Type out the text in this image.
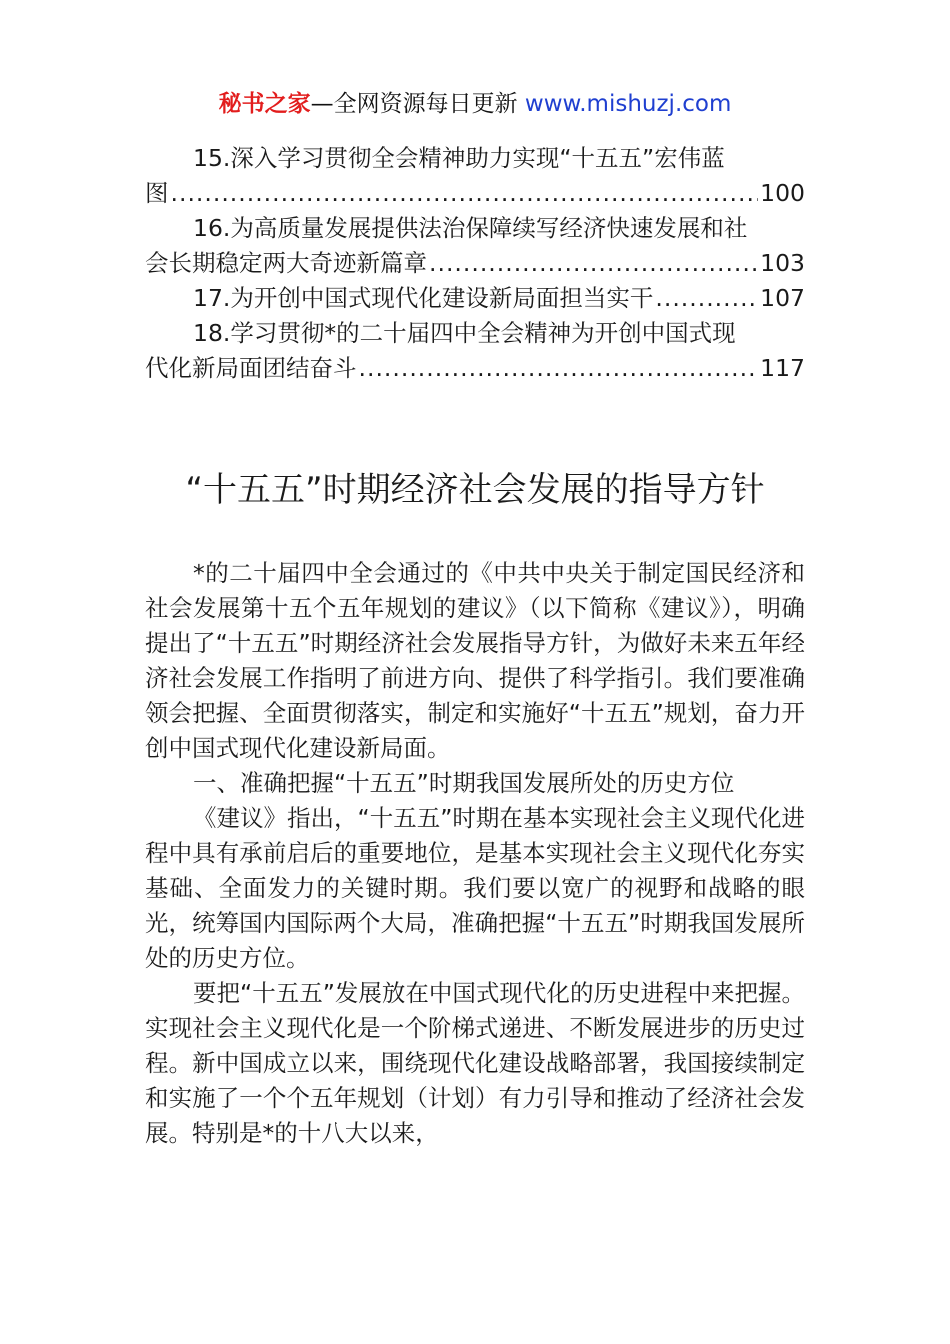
秘书之家—全网资源每日更新 www.mishuzj.com
15.深入学习贯彻全会精神助力实现“十五五”宏伟蓝
图 .....	100
16.为高质量发展提供法治保障续写经济快速发展和社
会长期稳定两大奇迹新篇章 .....	103
17.为开创中国式现代化建设新局面担当实干 .....	107
18.学习贯彻*的二十届四中全会精神为开创中国式现
代化新局面团结奋斗 .....	117
“十五五”时期经济社会发展的指导方针

*的二十届四中全会通过的《中共中央关于制定国民经济和社会发展第十五个五年规划的建议》（以下简称《建议》），明确提出了“十五五”时期经济社会发展指导方针，为做好未来五年经济社会发展工作指明了前进方向、提供了科学指引。我们要准确领会把握、全面贯彻落实，制定和实施好“十五五”规划，奋力开创中国式现代化建设新局面。

一、准确把握“十五五”时期我国发展所处的历史方位

《建议》指出，“十五五”时期在基本实现社会主义现代化进程中具有承前启后的重要地位，是基本实现社会主义现代化夯实基础、全面发力的关键时期。我们要以宽广的视野和战略的眼光，统筹国内国际两个大局，准确把握“十五五”时期我国发展所处的历史方位。

要把“十五五”发展放在中国式现代化的历史进程中来把握。实现社会主义现代化是一个阶梯式递进、不断发展进步的历史过程。新中国成立以来，围绕现代化建设战略部署，我国接续制定和实施了一个个五年规划（计划）有力引导和推动了经济社会发展。特别是*的十八大以来，
